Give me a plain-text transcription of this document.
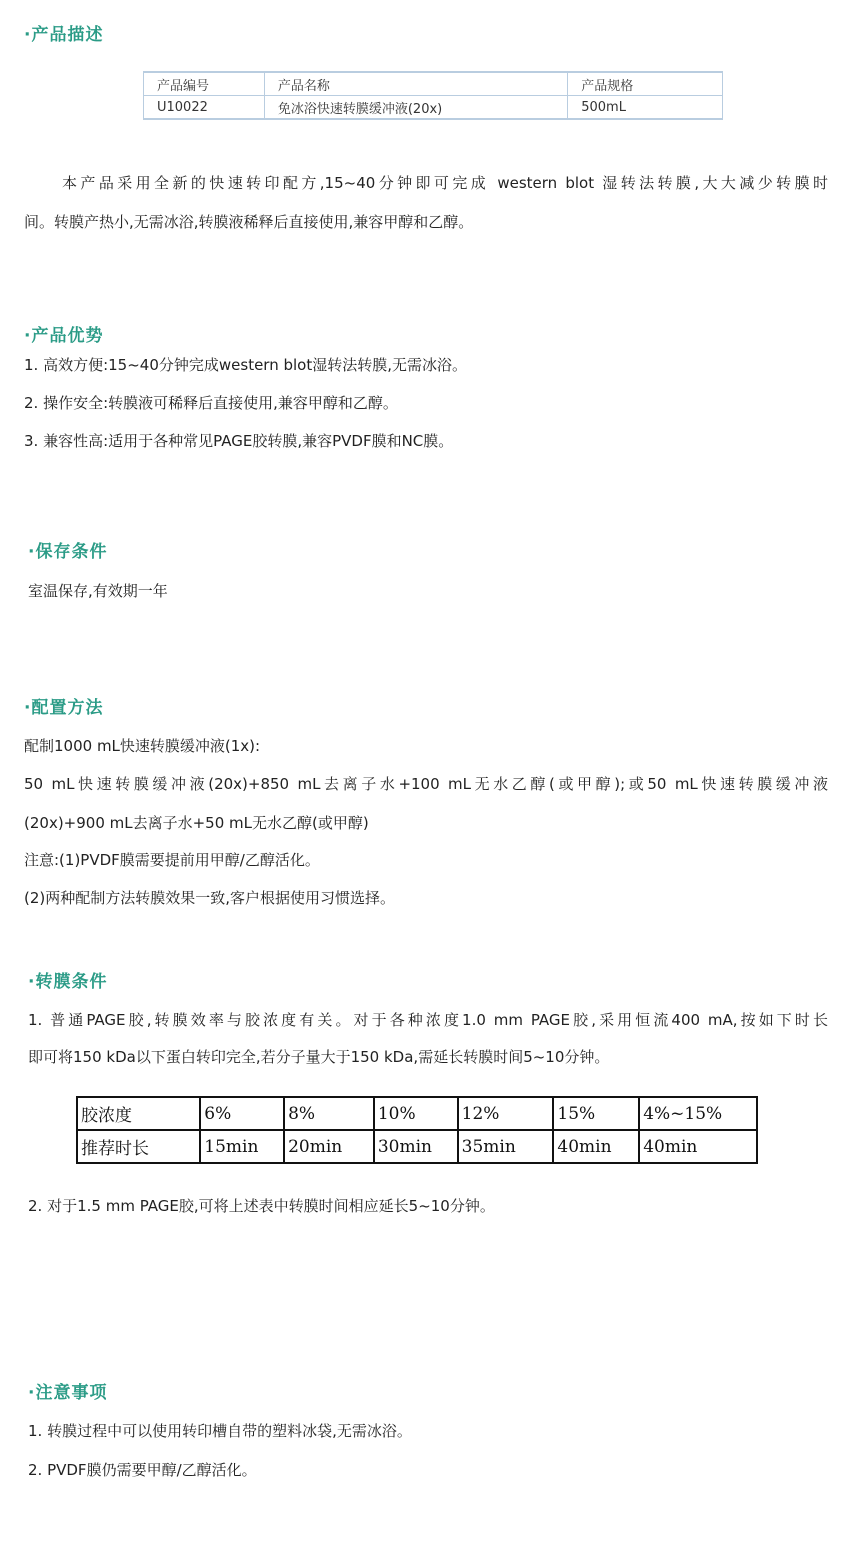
·产品描述
产品编号	产品名称	产品规格
U10022	免冰浴快速转膜缓冲液(20x)	500mL

本产品采用全新的快速转印配方,15~40分钟即可完成 western blot 湿转法转膜,大大减少转膜时

间。转膜产热小,无需冰浴,转膜液稀释后直接使用,兼容甲醇和乙醇。

·产品优势

1. 高效方便:15~40分钟完成western blot湿转法转膜,无需冰浴。

2. 操作安全:转膜液可稀释后直接使用,兼容甲醇和乙醇。

3. 兼容性高:适用于各种常见PAGE胶转膜,兼容PVDF膜和NC膜。

·保存条件

室温保存,有效期一年

·配置方法

配制1000 mL快速转膜缓冲液(1x):

50 mL快速转膜缓冲液(20x)+850 mL去离子水+100 mL无水乙醇(或甲醇);或50 mL快速转膜缓冲液

(20x)+900 mL去离子水+50 mL无水乙醇(或甲醇)

注意:(1)PVDF膜需要提前用甲醇/乙醇活化。

(2)两种配制方法转膜效果一致,客户根据使用习惯选择。

·转膜条件

1. 普通PAGE胶,转膜效率与胶浓度有关。对于各种浓度1.0 mm PAGE胶,采用恒流400 mA,按如下时长

即可将150 kDa以下蛋白转印完全,若分子量大于150 kDa,需延长转膜时间5~10分钟。

胶浓度	6%	8%	10%	12%	15%	4%~15%
推荐时长	15min	20min	30min	35min	40min	40min

2. 对于1.5 mm PAGE胶,可将上述表中转膜时间相应延长5~10分钟。

·注意事项

1. 转膜过程中可以使用转印槽自带的塑料冰袋,无需冰浴。

2. PVDF膜仍需要甲醇/乙醇活化。
